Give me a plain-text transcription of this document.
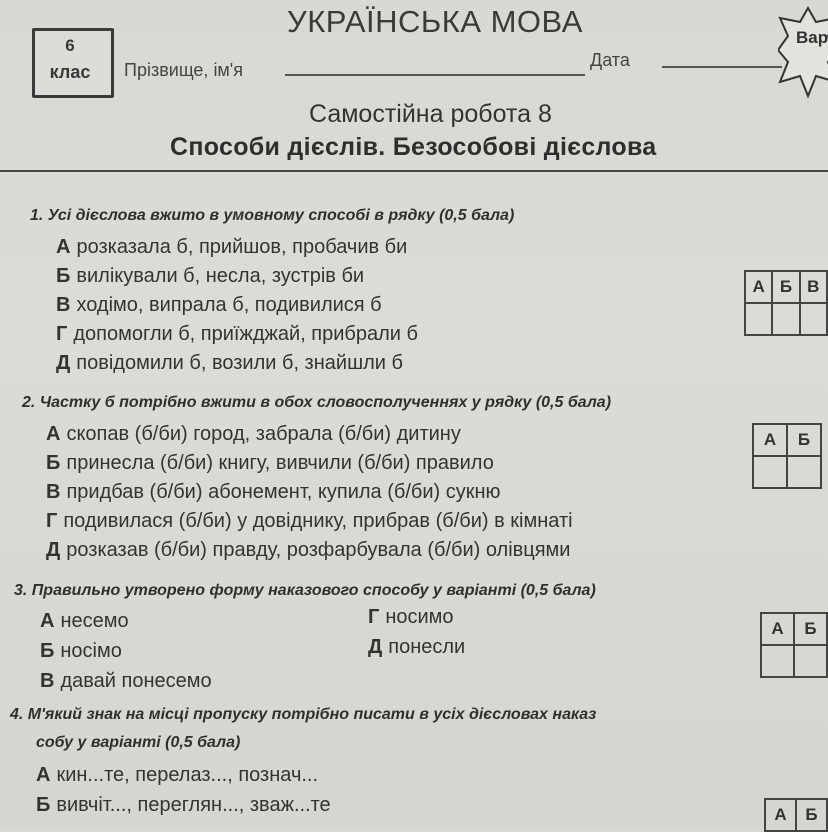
УКРАЇНСЬКА МОВА
6
клас	Прізвище, ім'я	Дата
Вар
Самостійна робота 8
Способи дієслів. Безособові дієслова
1. Усі дієслова вжито в умовному способі в рядку (0,5 бала)
А розказала б, прийшов, пробачив би
Б вилікували б, несла, зустрів би
В ходімо, випрала б, подивилися б
Г допомогли б, приїжджай, прибрали б
Д повідомили б, возили б, знайшли б
А	Б	В

2. Частку б потрібно вжити в обох словосполученнях у рядку (0,5 бала)
А скопав (б/би) город, забрала (б/би) дитину
Б принесла (б/би) книгу, вивчили (б/би) правило
В придбав (б/би) абонемент, купила (б/би) сукню
Г подивилася (б/би) у довіднику, прибрав (б/би) в кімнаті
Д розказав (б/би) правду, розфарбувала (б/би) олівцями
А	Б

3. Правильно утворено форму наказового способу у варіанті (0,5 бала)
А несемо
Б носімо
В давай понесемо
Г носимо
Д понесли
А	Б

4. М'який знак на місці пропуску потрібно писати в усіх дієсловах наказ
собу у варіанті (0,5 бала)
А кин...те, перелаз..., познач...
Б вивчіт..., переглян..., зваж...те	А	Б
